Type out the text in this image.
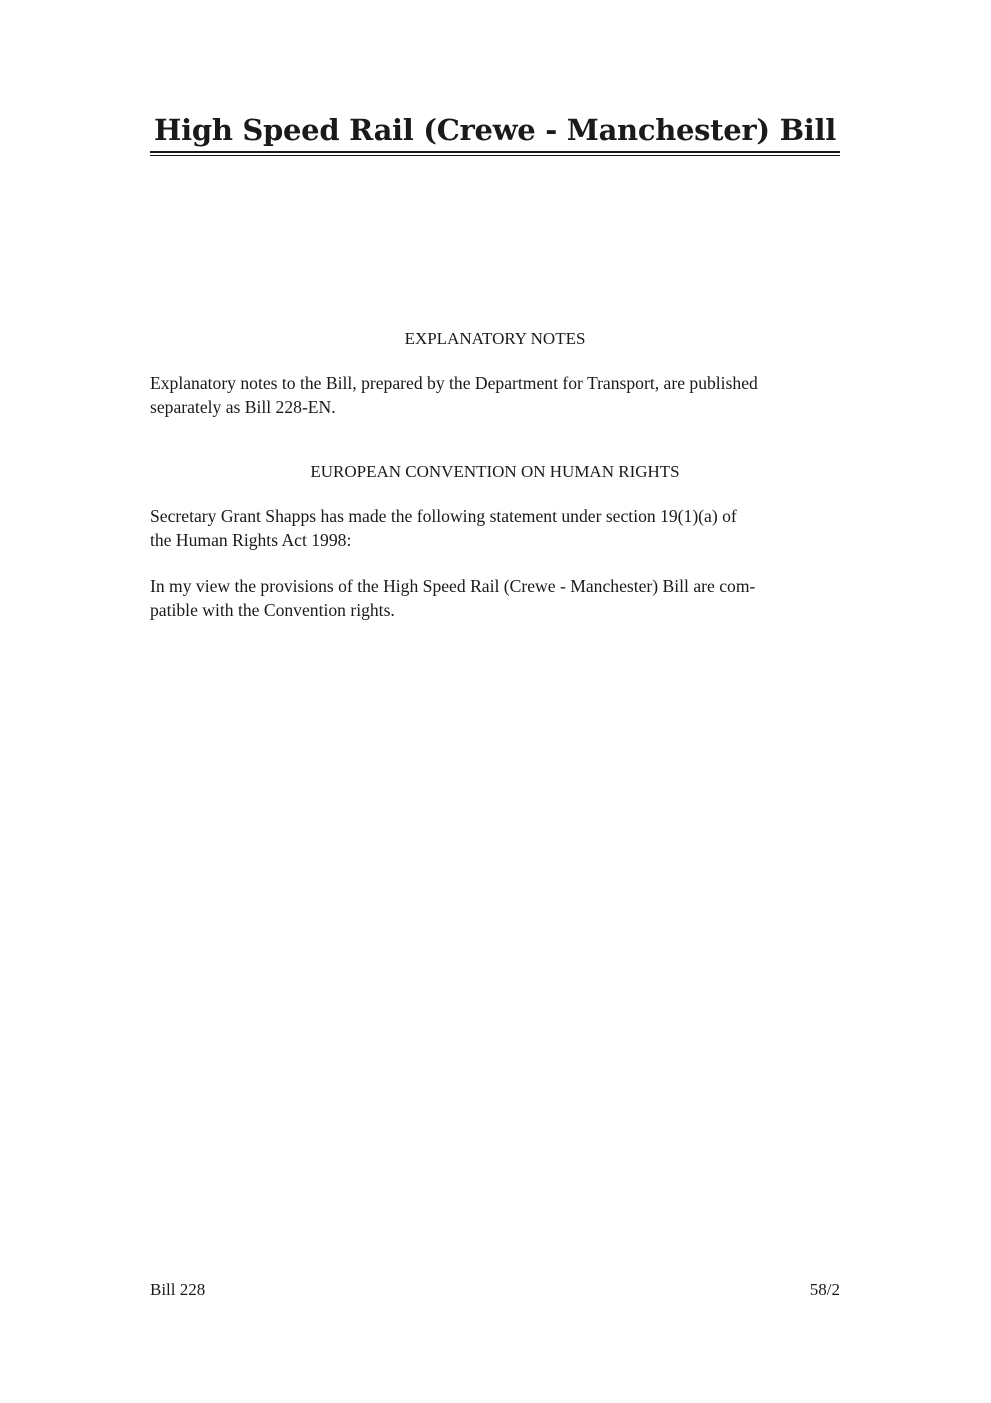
High Speed Rail (Crewe - Manchester) Bill
EXPLANATORY NOTES

Explanatory notes to the Bill, prepared by the Department for Transport, are published
separately as Bill 228-EN.

EUROPEAN CONVENTION ON HUMAN RIGHTS

Secretary Grant Shapps has made the following statement under section 19(1)(a) of
the Human Rights Act 1998:

In my view the provisions of the High Speed Rail (Crewe - Manchester) Bill are com-
patible with the Convention rights.

Bill 228	58/2
